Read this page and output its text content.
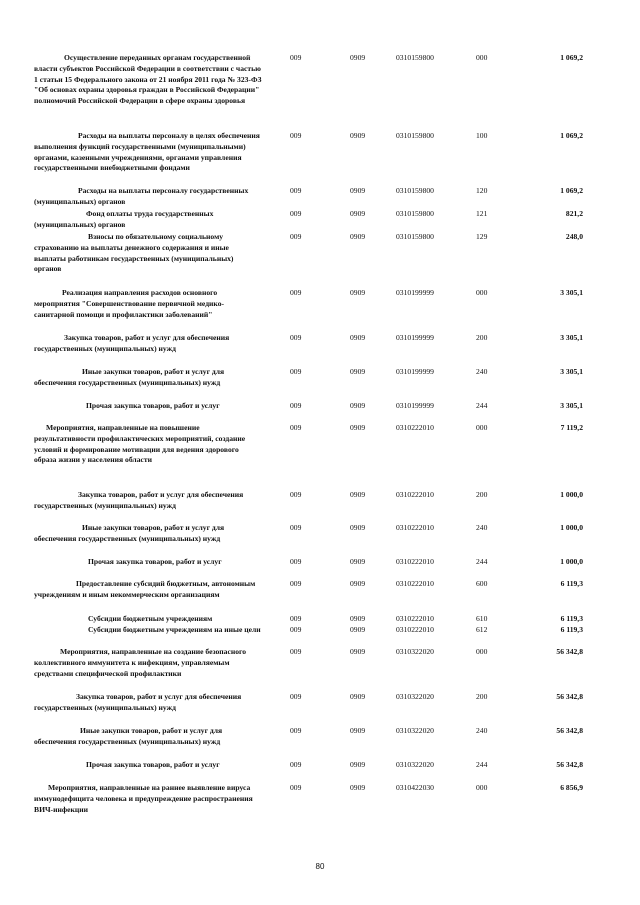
Осуществление переданных органам государственной власти субъектов Российской Федерации в соответствии с частью 1 статьи 15 Федерального закона от 21 ноября 2011 года № 323-ФЗ "Об основах охраны здоровья граждан в Российской Федерации" полномочий Российской Федерации в сфере охраны здоровья
009	0909	0310159800	000	1 069,2
Расходы на выплаты персоналу в целях обеспечения выполнения функций государственными (муниципальными) органами, казенными учреждениями, органами управления государственными внебюджетными фондами
009	0909	0310159800	100	1 069,2
Расходы на выплаты персоналу государственных (муниципальных) органов
009	0909	0310159800	120	1 069,2
Фонд оплаты труда государственных (муниципальных) органов
009	0909	0310159800	121	821,2
Взносы по обязательному социальному страхованию на выплаты денежного содержания и иные выплаты работникам государственных (муниципальных) органов
009	0909	0310159800	129	248,0
Реализация направления расходов основного мероприятия "Совершенствование первичной медико-санитарной помощи и профилактики заболеваний"
009	0909	0310199999	000	3 305,1
Закупка товаров, работ и услуг для обеспечения государственных (муниципальных) нужд
009	0909	0310199999	200	3 305,1
Иные закупки товаров, работ и услуг для обеспечения государственных (муниципальных) нужд
009	0909	0310199999	240	3 305,1
Прочая закупка товаров, работ и услуг	009	0909	0310199999	244	3 305,1
Мероприятия, направленные на повышение результативности профилактических мероприятий, создание условий и формирование мотивации для ведения здорового образа жизни у населения области
009	0909	0310222010	000	7 119,2
Закупка товаров, работ и услуг для обеспечения государственных (муниципальных) нужд
009	0909	0310222010	200	1 000,0
Иные закупки товаров, работ и услуг для обеспечения государственных (муниципальных) нужд
009	0909	0310222010	240	1 000,0
Прочая закупка товаров, работ и услуг	009	0909	0310222010	244	1 000,0
Предоставление субсидий бюджетным, автономным учреждениям и иным некоммерческим организациям
009	0909	0310222010	600	6 119,3
Субсидии бюджетным учреждениям	009	0909	0310222010	610	6 119,3
Субсидии бюджетным учреждениям на иные цели	009	0909	0310222010	612	6 119,3
Мероприятия, направленные на создание безопасного коллективного иммунитета к инфекциям, управляемым средствами специфической профилактики
009	0909	0310322020	000	56 342,8
Закупка товаров, работ и услуг для обеспечения государственных (муниципальных) нужд
009	0909	0310322020	200	56 342,8
Иные закупки товаров, работ и услуг для обеспечения государственных (муниципальных) нужд
009	0909	0310322020	240	56 342,8
Прочая закупка товаров, работ и услуг	009	0909	0310322020	244	56 342,8
Мероприятия, направленные на раннее выявление вируса иммунодефицита человека и предупреждение распространения ВИЧ-инфекции
009	0909	0310422030	000	6 856,9
80
